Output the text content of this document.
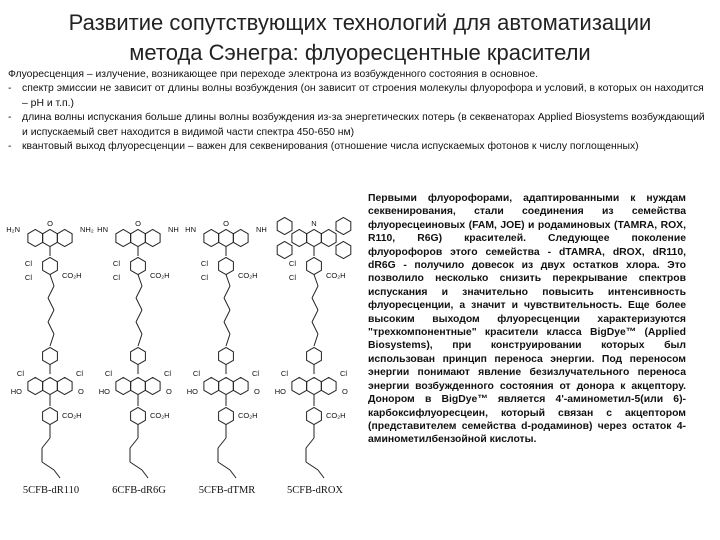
Развитие сопутствующих технологий для автоматизации метода Сэнегра: флуоресцентные красители

Флуоресценция – излучение, возникающее при переходе электрона из возбужденного состояния в основное.

-	спектр эмиссии не зависит от длины волны возбуждения (он зависит от строения молекулы флуорофора и условий, в которых он находится – pH и т.п.)
-	длина волны испускания больше длины волны возбуждения из-за энергетических потерь (в секвенаторах Applied Biosystems возбуждающий и испускаемый свет находится в видимой части спектра 450-650 нм)
-	квантовый выход флуоресценции – важен для секвенирования (отношение числа испускаемых фотонов к числу поглощенных)
H₂N	NH₂
O
Cl
CO₂H
Cl
HO	O
Cl	Cl
CO₂H
HN	NH
O
Cl
CO₂H
Cl
HO	O
Cl	Cl
CO₂H
HN	NH
O
Cl
CO₂H
Cl
HO	O
Cl	Cl
CO₂H
N
Cl
CO₂H
Cl
HO	O
Cl	Cl
CO₂H
5CFB-dR110	6CFB-dR6G	5CFB-dTMR	5CFB-dROX
Первыми флуорофорами, адаптированными к нуждам секвенирования, стали соединения из семейства флуоресцеиновых (FAM, JOE) и родаминовых (TAMRA, ROX, R110, R6G) красителей. Следующее поколение флуорофоров этого семейства - dTAMRA, dROX, dR110, dR6G - получило довесок из двух остатков хлора. Это позволило несколько снизить перекрывание спектров испускания и значительно повысить интенсивность флуоресценции, а значит и чувствительность. Еще более высоким выходом флуоресценции характеризуются "трехкомпонентные" красители класса BigDye™ (Applied Biosystems), при конструировании которых был использован принцип переноса энергии. Под переносом энергии понимают явление безизлучательного переноса энергии возбужденного состояния от донора к акцептору. Донором в BigDye™ является 4'-аминометил-5(или 6)-карбоксифлуоресцеин, который связан с акцептором (представителем семейства d-родаминов) через остаток 4-аминометилбензойной кислоты.
